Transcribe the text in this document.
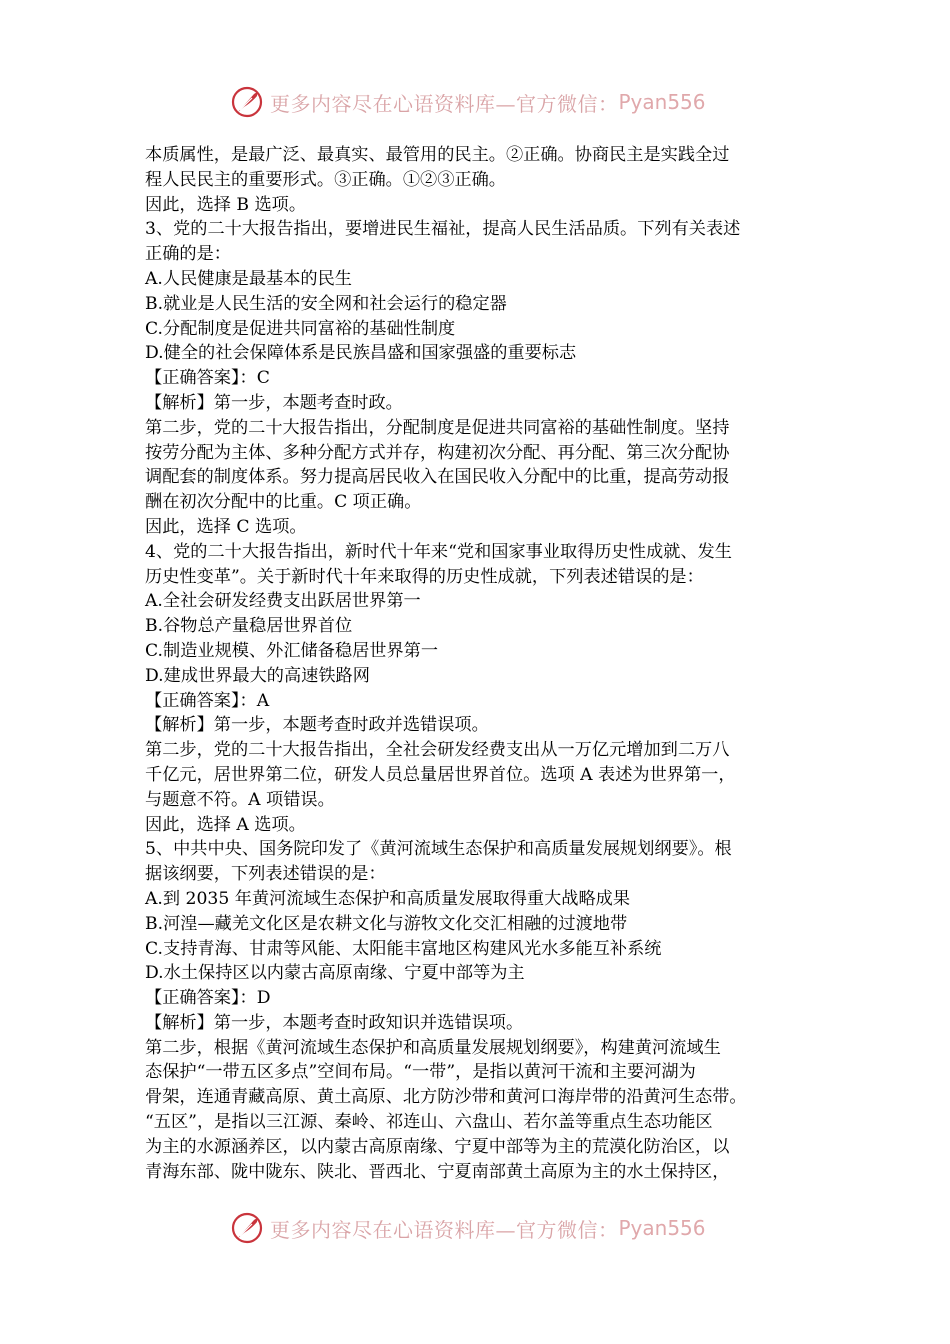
更多内容尽在心语资料库—官方微信： Pyan556
本质属性，是最广泛、最真实、最管用的民主。②正确。协商民主是实践全过
程人民民主的重要形式。③正确。①②③正确。
因此，选择 B 选项。
3、党的二十大报告指出，要增进民生福祉，提高人民生活品质。下列有关表述
正确的是：
A.人民健康是最基本的民生
B.就业是人民生活的安全网和社会运行的稳定器
C.分配制度是促进共同富裕的基础性制度
D.健全的社会保障体系是民族昌盛和国家强盛的重要标志
【正确答案】：C
【解析】第一步，本题考查时政。
第二步，党的二十大报告指出，分配制度是促进共同富裕的基础性制度。坚持
按劳分配为主体、多种分配方式并存，构建初次分配、再分配、第三次分配协
调配套的制度体系。努力提高居民收入在国民收入分配中的比重，提高劳动报
酬在初次分配中的比重。C 项正确。
因此，选择 C 选项。
4、党的二十大报告指出，新时代十年来“党和国家事业取得历史性成就、发生
历史性变革”。关于新时代十年来取得的历史性成就，下列表述错误的是：
A.全社会研发经费支出跃居世界第一
B.谷物总产量稳居世界首位
C.制造业规模、外汇储备稳居世界第一
D.建成世界最大的高速铁路网
【正确答案】：A
【解析】第一步，本题考查时政并选错误项。
第二步，党的二十大报告指出，全社会研发经费支出从一万亿元增加到二万八
千亿元，居世界第二位，研发人员总量居世界首位。选项 A 表述为世界第一，
与题意不符。A 项错误。
因此，选择 A 选项。
5、中共中央、国务院印发了《黄河流域生态保护和高质量发展规划纲要》。根
据该纲要，下列表述错误的是：
A.到 2035 年黄河流域生态保护和高质量发展取得重大战略成果
B.河湟—藏羌文化区是农耕文化与游牧文化交汇相融的过渡地带
C.支持青海、甘肃等风能、太阳能丰富地区构建风光水多能互补系统
D.水土保持区以内蒙古高原南缘、宁夏中部等为主
【正确答案】：D
【解析】第一步，本题考查时政知识并选错误项。
第二步，根据《黄河流域生态保护和高质量发展规划纲要》，构建黄河流域生
态保护“一带五区多点”空间布局。“一带”，是指以黄河干流和主要河湖为
骨架，连通青藏高原、黄土高原、北方防沙带和黄河口海岸带的沿黄河生态带。
“五区”，是指以三江源、秦岭、祁连山、六盘山、若尔盖等重点生态功能区
为主的水源涵养区，以内蒙古高原南缘、宁夏中部等为主的荒漠化防治区，以
青海东部、陇中陇东、陕北、晋西北、宁夏南部黄土高原为主的水土保持区，
更多内容尽在心语资料库—官方微信： Pyan556
